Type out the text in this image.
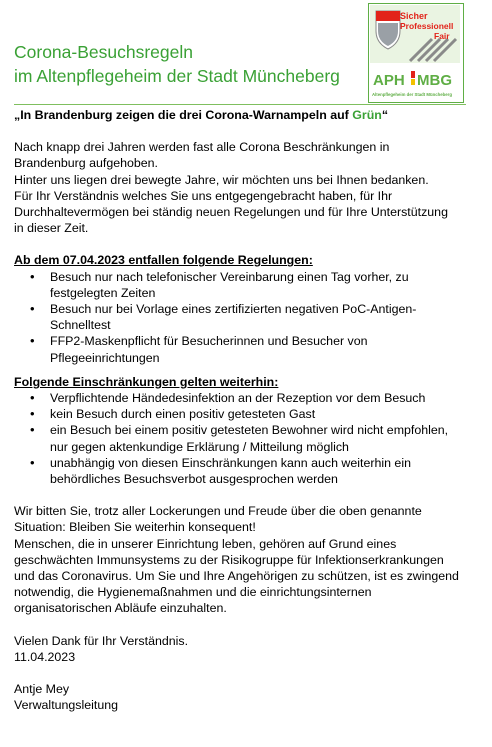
Corona-Besuchsregeln
im Altenpflegeheim der Stadt Müncheberg
Sicher
Professionell
Fair
APH MBG
Altenpflegeheim der Stadt Müncheberg

„In Brandenburg zeigen die drei Corona-Warnampeln auf Grün“

Nach knapp drei Jahren werden fast alle Corona Beschränkungen in
Brandenburg aufgehoben.
Hinter uns liegen drei bewegte Jahre, wir möchten uns bei Ihnen bedanken.
Für Ihr Verständnis welches Sie uns entgegengebracht haben, für Ihr
Durchhaltevermögen bei ständig neuen Regelungen und für Ihre Unterstützung
in dieser Zeit.
Ab dem 07.04.2023 entfallen folgende Regelungen:
• Besuch nur nach telefonischer Vereinbarung einen Tag vorher, zu
festgelegten Zeiten
• Besuch nur bei Vorlage eines zertifizierten negativen PoC-Antigen-
Schnelltest
• FFP2-Maskenpflicht für Besucherinnen und Besucher von
Pflegeeinrichtungen
Folgende Einschränkungen gelten weiterhin:
• Verpflichtende Händedesinfektion an der Rezeption vor dem Besuch
• kein Besuch durch einen positiv getesteten Gast
• ein Besuch bei einem positiv getesteten Bewohner wird nicht empfohlen,
nur gegen aktenkundige Erklärung / Mitteilung möglich
• unabhängig von diesen Einschränkungen kann auch weiterhin ein
behördliches Besuchsverbot ausgesprochen werden
Wir bitten Sie, trotz aller Lockerungen und Freude über die oben genannte
Situation: Bleiben Sie weiterhin konsequent!
Menschen, die in unserer Einrichtung leben, gehören auf Grund eines
geschwächten Immunsystems zu der Risikogruppe für Infektionserkrankungen
und das Coronavirus. Um Sie und Ihre Angehörigen zu schützen, ist es zwingend
notwendig, die Hygienemaßnahmen und die einrichtungsinternen
organisatorischen Abläufe einzuhalten.
Vielen Dank für Ihr Verständnis.
11.04.2023
Antje Mey
Verwaltungsleitung
